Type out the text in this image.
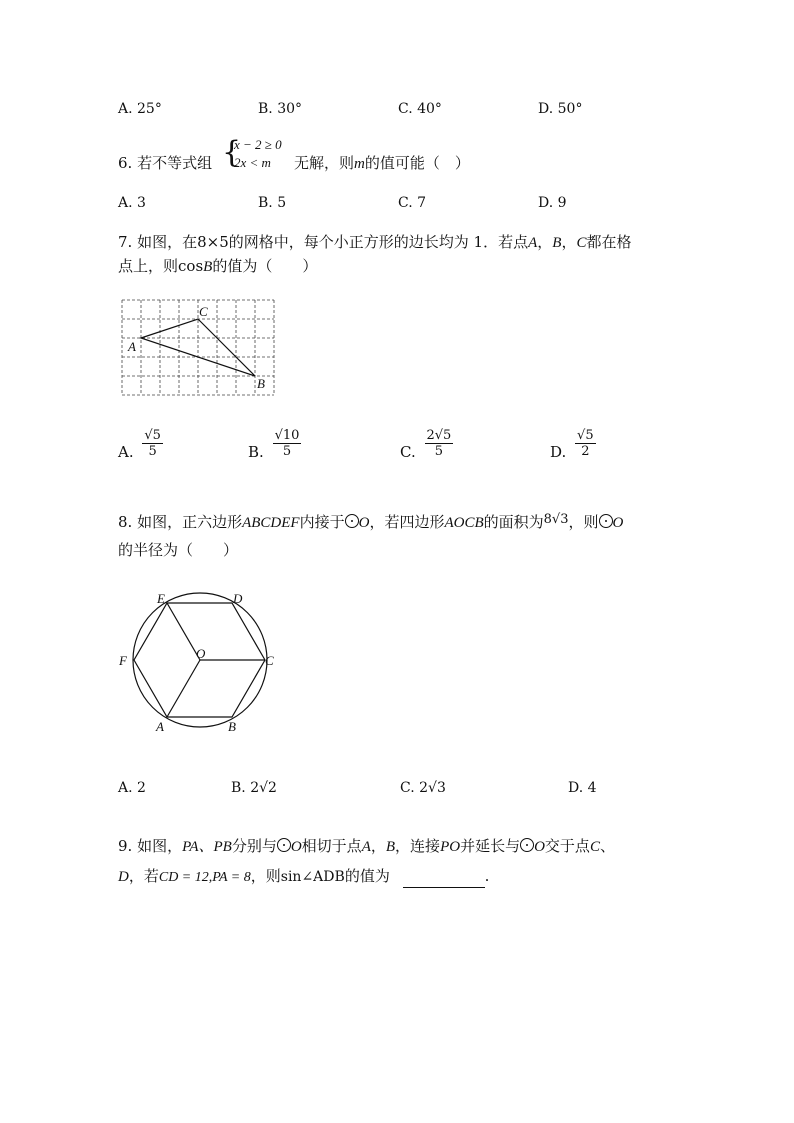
A. 25°	B. 30°	C. 40°	D. 50°
6. 若不等式组 {
x − 2 ≥ 0
2x < m 无解，则m的值可能（　）
A. 3	B. 5	C. 7	D. 9
7. 如图，在8×5的网格中，每个小正方形的边长均为 1．若点A，B，C都在格
点上，则cosB的值为（　　）
A
C
B
A. $\frac{√5}{5}$	B. $\frac{√10}{5}$	C. $\frac{2√5}{5}$	D. $\frac{√5}{2}$
8. 如图，正六边形ABCDEF内接于 O，若四边形AOCB的面积为8√3，则 O
的半径为（　　）
E	D
F	O	C
A	B
A. 2	B. 2√2	C. 2√3	D. 4
9. 如图，PA、PB分别与 O相切于点A，B，连接PO并延长与 O交于点C、
D，若CD = 12,PA = 8，则sin∠ADB的值为	.
